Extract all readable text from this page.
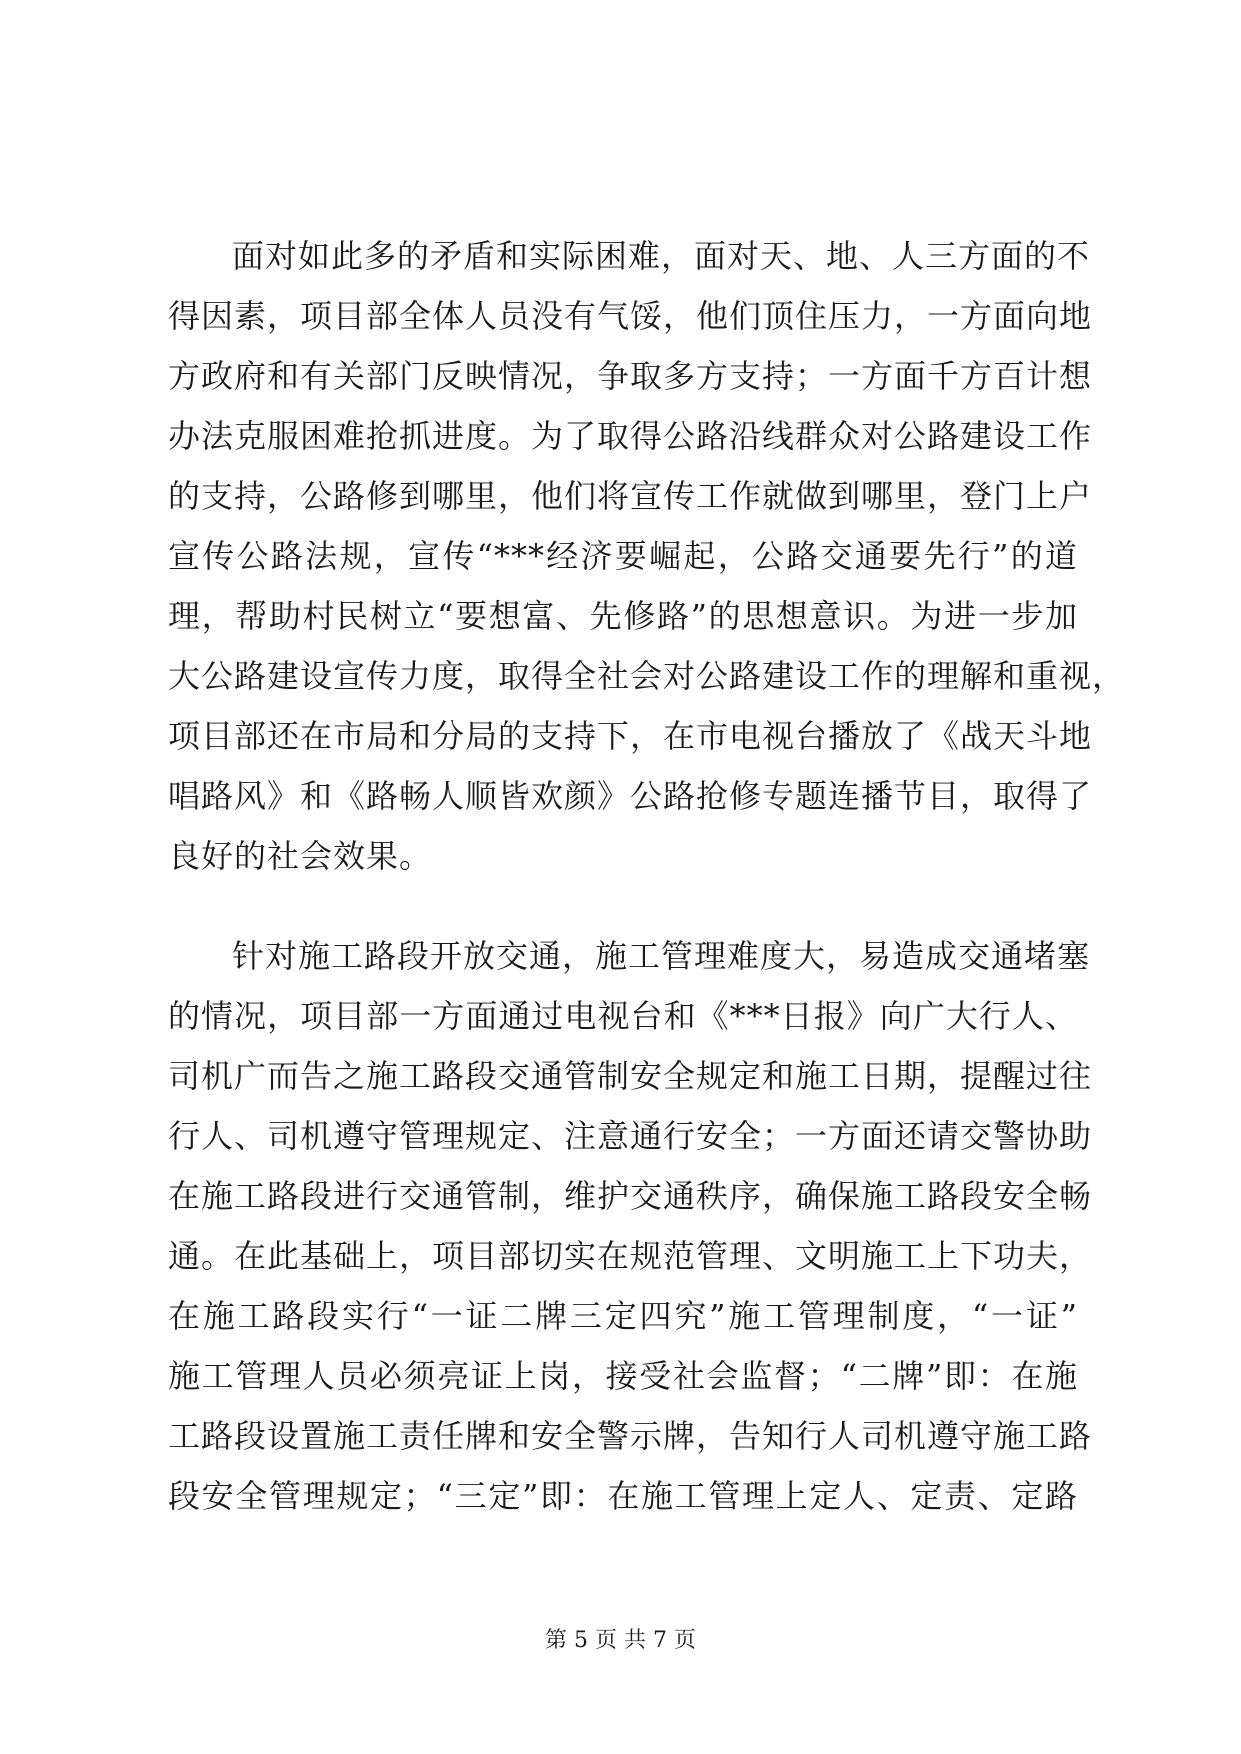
面对如此多的矛盾和实际困难，面对天、地、人三方面的不
得因素，项目部全体人员没有气馁，他们顶住压力，一方面向地
方政府和有关部门反映情况，争取多方支持；一方面千方百计想
办法克服困难抢抓进度。为了取得公路沿线群众对公路建设工作
的支持，公路修到哪里，他们将宣传工作就做到哪里，登门上户
宣传公路法规，宣传“***经济要崛起，公路交通要先行”的道
理，帮助村民树立“要想富、先修路”的思想意识。为进一步加
大公路建设宣传力度，取得全社会对公路建设工作的理解和重视，
项目部还在市局和分局的支持下，在市电视台播放了《战天斗地
唱路风》和《路畅人顺皆欢颜》公路抢修专题连播节目，取得了
良好的社会效果。
针对施工路段开放交通，施工管理难度大，易造成交通堵塞
的情况，项目部一方面通过电视台和《***日报》向广大行人、
司机广而告之施工路段交通管制安全规定和施工日期，提醒过往
行人、司机遵守管理规定、注意通行安全；一方面还请交警协助
在施工路段进行交通管制，维护交通秩序，确保施工路段安全畅
通。在此基础上，项目部切实在规范管理、文明施工上下功夫，
在施工路段实行“一证二牌三定四究”施工管理制度，“一证”
施工管理人员必须亮证上岗，接受社会监督；“二牌”即：在施
工路段设置施工责任牌和安全警示牌，告知行人司机遵守施工路
段安全管理规定；“三定”即：在施工管理上定人、定责、定路
第 5 页 共 7 页
